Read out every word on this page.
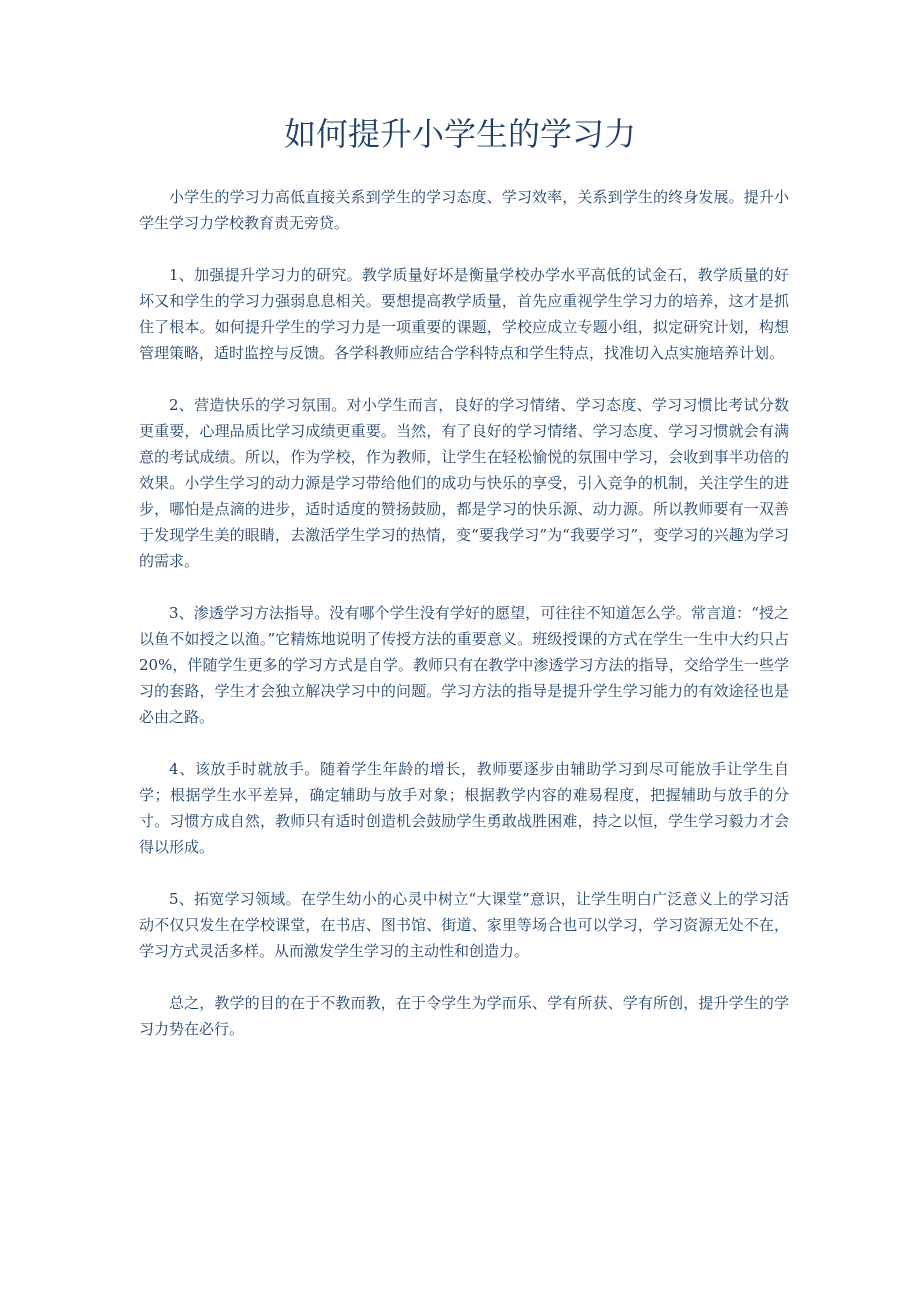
如何提升小学生的学习力

小学生的学习力高低直接关系到学生的学习态度、学习效率，关系到学生的终身发展。提升小学生学习力学校教育责无旁贷。

1、加强提升学习力的研究。教学质量好坏是衡量学校办学水平高低的试金石，教学质量的好坏又和学生的学习力强弱息息相关。要想提高教学质量，首先应重视学生学习力的培养，这才是抓住了根本。如何提升学生的学习力是一项重要的课题，学校应成立专题小组，拟定研究计划，构想管理策略，适时监控与反馈。各学科教师应结合学科特点和学生特点，找准切入点实施培养计划。

2、营造快乐的学习氛围。对小学生而言，良好的学习情绪、学习态度、学习习惯比考试分数更重要，心理品质比学习成绩更重要。当然，有了良好的学习情绪、学习态度、学习习惯就会有满意的考试成绩。所以，作为学校，作为教师，让学生在轻松愉悦的氛围中学习，会收到事半功倍的效果。小学生学习的动力源是学习带给他们的成功与快乐的享受，引入竞争的机制，关注学生的进步，哪怕是点滴的进步，适时适度的赞扬鼓励，都是学习的快乐源、动力源。所以教师要有一双善于发现学生美的眼睛，去激活学生学习的热情，变“要我学习”为“我要学习”，变学习的兴趣为学习的需求。

3、渗透学习方法指导。没有哪个学生没有学好的愿望，可往往不知道怎么学。常言道：“授之以鱼不如授之以渔。”它精炼地说明了传授方法的重要意义。班级授课的方式在学生一生中大约只占20%，伴随学生更多的学习方式是自学。教师只有在教学中渗透学习方法的指导，交给学生一些学习的套路，学生才会独立解决学习中的问题。学习方法的指导是提升学生学习能力的有效途径也是必由之路。

4、该放手时就放手。随着学生年龄的增长，教师要逐步由辅助学习到尽可能放手让学生自学；根据学生水平差异，确定辅助与放手对象；根据教学内容的难易程度，把握辅助与放手的分寸。习惯方成自然，教师只有适时创造机会鼓励学生勇敢战胜困难，持之以恒，学生学习毅力才会得以形成。

5、拓宽学习领域。在学生幼小的心灵中树立“大课堂”意识，让学生明白广泛意义上的学习活动不仅只发生在学校课堂，在书店、图书馆、街道、家里等场合也可以学习，学习资源无处不在，学习方式灵活多样。从而激发学生学习的主动性和创造力。

总之，教学的目的在于不教而教，在于令学生为学而乐、学有所获、学有所创，提升学生的学习力势在必行。
